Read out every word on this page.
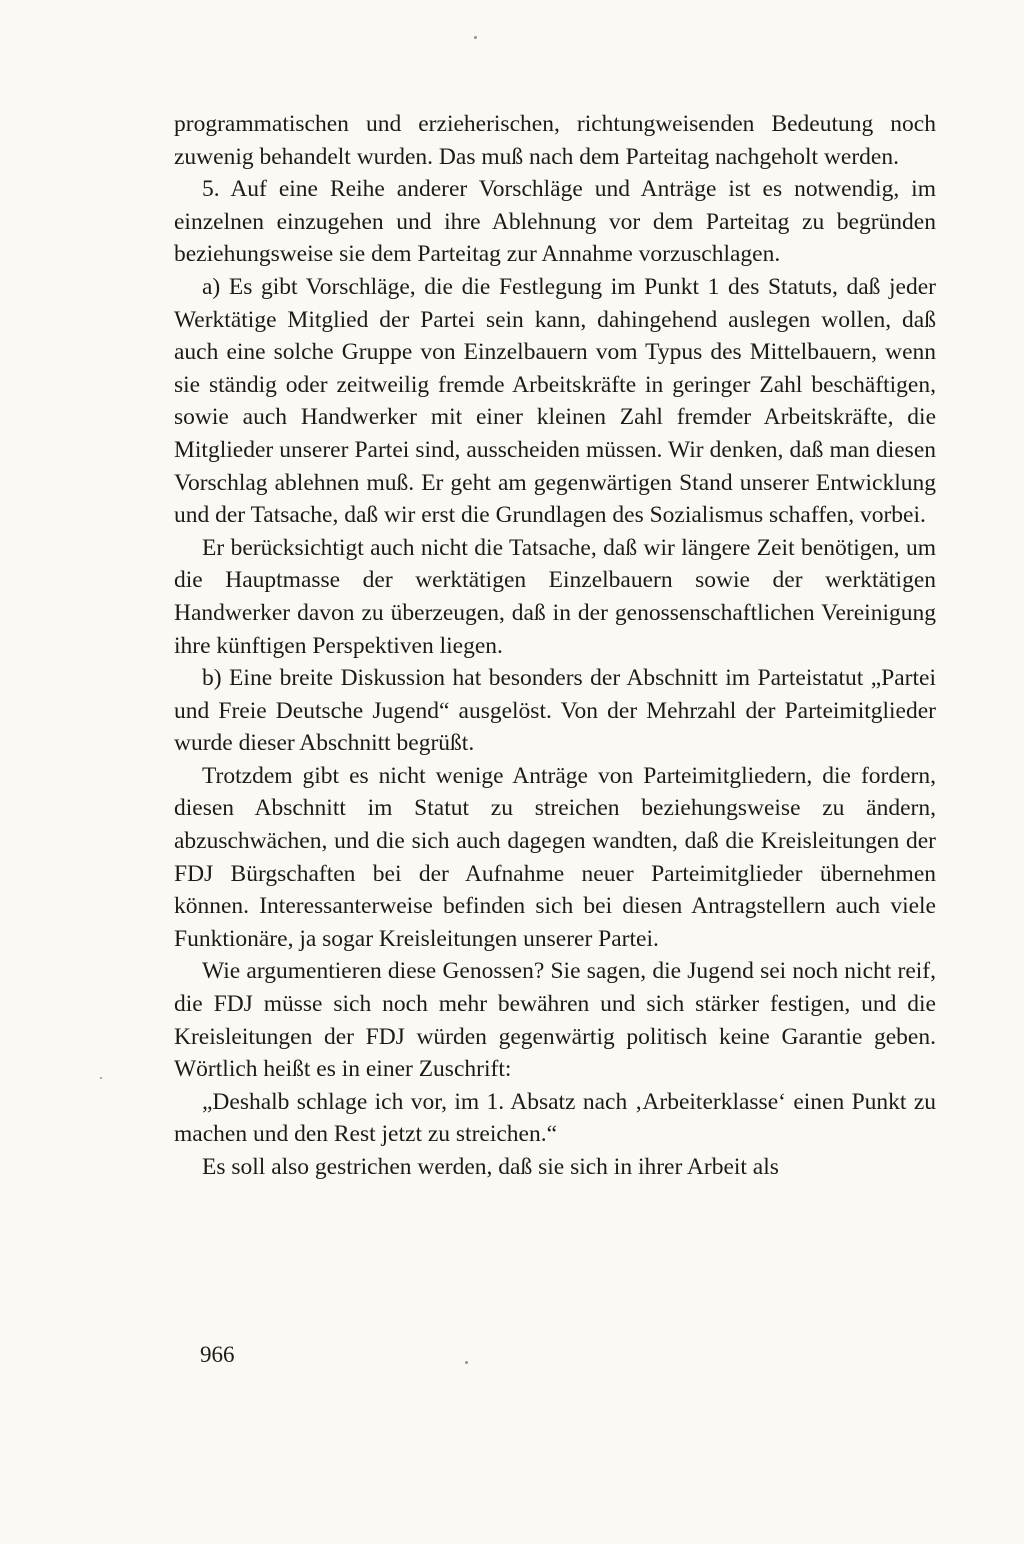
programmatischen und erzieherischen, richtungweisenden Bedeutung noch zuwenig behandelt wurden. Das muß nach dem Parteitag nachgeholt werden.

5. Auf eine Reihe anderer Vorschläge und Anträge ist es notwendig, im einzelnen einzugehen und ihre Ablehnung vor dem Parteitag zu begründen beziehungsweise sie dem Parteitag zur Annahme vorzuschlagen.

a) Es gibt Vorschläge, die die Festlegung im Punkt 1 des Statuts, daß jeder Werktätige Mitglied der Partei sein kann, dahingehend auslegen wollen, daß auch eine solche Gruppe von Einzelbauern vom Typus des Mittelbauern, wenn sie ständig oder zeitweilig fremde Arbeitskräfte in geringer Zahl beschäftigen, sowie auch Handwerker mit einer kleinen Zahl fremder Arbeitskräfte, die Mitglieder unserer Partei sind, ausscheiden müssen. Wir denken, daß man diesen Vorschlag ablehnen muß. Er geht am gegenwärtigen Stand unserer Entwicklung und der Tatsache, daß wir erst die Grundlagen des Sozialismus schaffen, vorbei.

Er berücksichtigt auch nicht die Tatsache, daß wir längere Zeit benötigen, um die Hauptmasse der werktätigen Einzelbauern sowie der werktätigen Handwerker davon zu überzeugen, daß in der genossenschaftlichen Vereinigung ihre künftigen Perspektiven liegen.

b) Eine breite Diskussion hat besonders der Abschnitt im Parteistatut „Partei und Freie Deutsche Jugend“ ausgelöst. Von der Mehrzahl der Parteimitglieder wurde dieser Abschnitt begrüßt.

Trotzdem gibt es nicht wenige Anträge von Parteimitgliedern, die fordern, diesen Abschnitt im Statut zu streichen beziehungsweise zu ändern, abzuschwächen, und die sich auch dagegen wandten, daß die Kreisleitungen der FDJ Bürgschaften bei der Aufnahme neuer Parteimitglieder übernehmen können. Interessanterweise befinden sich bei diesen Antragstellern auch viele Funktionäre, ja sogar Kreisleitungen unserer Partei.

Wie argumentieren diese Genossen? Sie sagen, die Jugend sei noch nicht reif, die FDJ müsse sich noch mehr bewähren und sich stärker festigen, und die Kreisleitungen der FDJ würden gegenwärtig politisch keine Garantie geben. Wörtlich heißt es in einer Zuschrift:

„Deshalb schlage ich vor, im 1. Absatz nach ‚Arbeiterklasse‘ einen Punkt zu machen und den Rest jetzt zu streichen.“

Es soll also gestrichen werden, daß sie sich in ihrer Arbeit als

966
